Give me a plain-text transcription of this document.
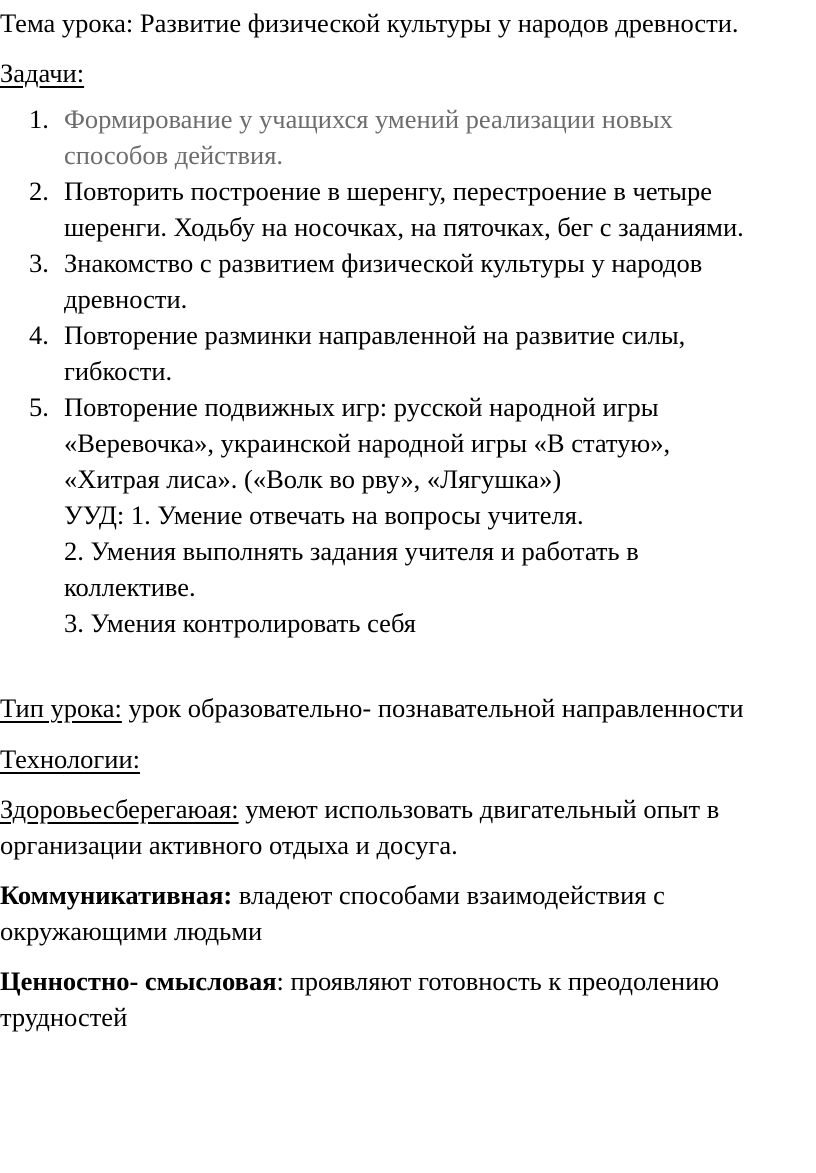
Тема урока: Развитие физической культуры у народов древности.
Задачи:
1. Формирование у учащихся умений реализации новых
способов действия.
2. Повторить построение в шеренгу, перестроение в четыре
шеренги. Ходьбу на носочках, на пяточках, бег с заданиями.
3. Знакомство с развитием физической культуры у народов
древности.
4. Повторение разминки направленной на развитие силы,
гибкости.
5. Повторение подвижных игр: русской народной игры
«Веревочка», украинской народной игры «В статую»,
«Хитрая лиса». («Волк во рву», «Лягушка»)
УУД: 1. Умение отвечать на вопросы учителя.
2. Умения выполнять задания учителя и работать в
коллективе.
3. Умения контролировать себя
Тип урока: урок образовательно- познавательной направленности
Технологии:
Здоровьесберегаюая: умеют использовать двигательный опыт в
организации активного отдыха и досуга.
Коммуникативная: владеют способами взаимодействия с
окружающими людьми
Ценностно- смысловая: проявляют готовность к преодолению
трудностей
